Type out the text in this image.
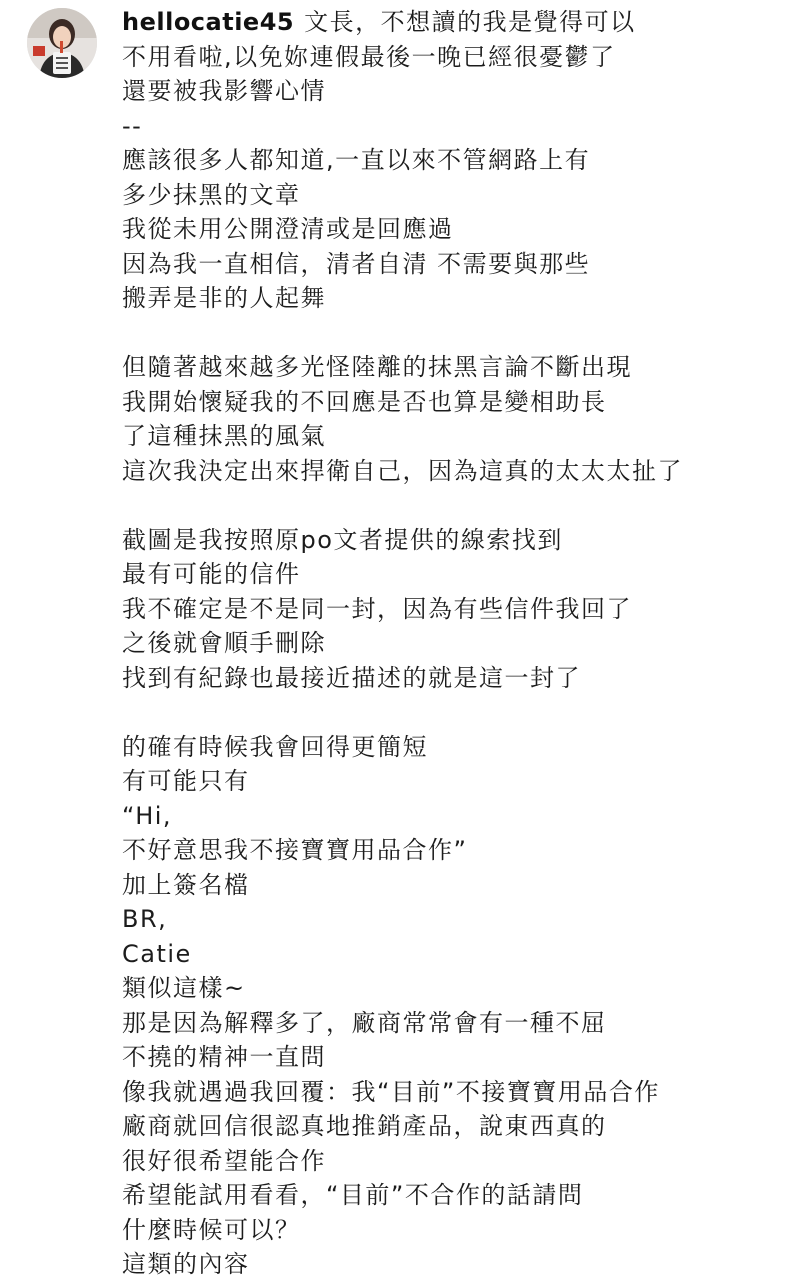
hellocatie45 文長，不想讀的我是覺得可以
不用看啦,以免妳連假最後一晚已經很憂鬱了
還要被我影響心情
--
應該很多人都知道,一直以來不管網路上有
多少抹黑的文章
我從未用公開澄清或是回應過
因為我一直相信，清者自清 不需要與那些
搬弄是非的人起舞
但隨著越來越多光怪陸離的抹黑言論不斷出現
我開始懷疑我的不回應是否也算是變相助長
了這種抹黑的風氣
這次我決定出來捍衛自己，因為這真的太太太扯了
截圖是我按照原po文者提供的線索找到
最有可能的信件
我不確定是不是同一封，因為有些信件我回了
之後就會順手刪除
找到有紀錄也最接近描述的就是這一封了
的確有時候我會回得更簡短
有可能只有
“Hi,
不好意思我不接寶寶用品合作”
加上簽名檔
BR,
Catie
類似這樣~
那是因為解釋多了，廠商常常會有一種不屈
不撓的精神一直問
像我就遇過我回覆：我“目前”不接寶寶用品合作
廠商就回信很認真地推銷產品，說東西真的
很好很希望能合作
希望能試用看看，“目前”不合作的話請問
什麼時候可以？
這類的內容
